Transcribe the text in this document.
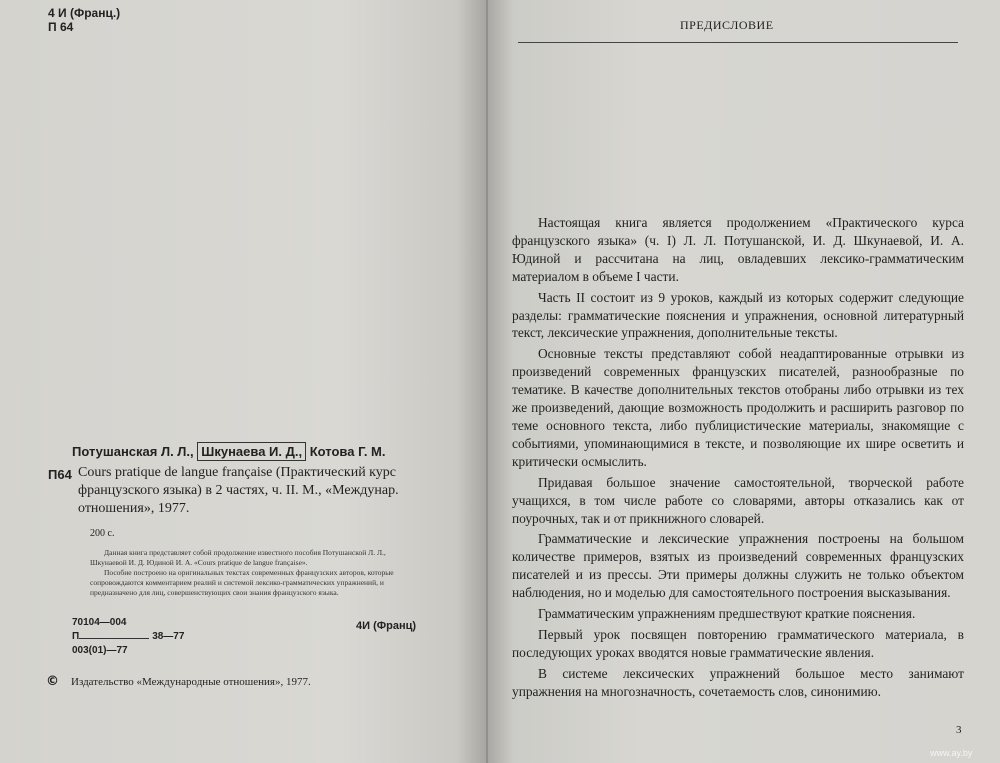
4 И (Франц.)
П 64
Потушанская Л. Л., Шкунаева И. Д., Котова Г. М.
П64 Cours pratique de langue française (Практический курс французского языка) в 2 частях, ч. II. М., «Междунар. отношения», 1977.
200 с.

Данная книга представляет собой продолжение известного пособия Потушанской Л. Л., Шкунаевой И. Д. Юдиной И. А. «Cours pratique de langue française».

Пособие построено на оригинальных текстах современных французских авторов, которые сопровождаются комментарием реалий и системой лексико-грамматических упражнений, и предназначено для лиц, совершенствующих свои знания французского языка.

70104—004
П	38—77
003(01)—77
4И (Франц)
© Издательство «Международные отношения», 1977.
ПРЕДИСЛОВИЕ

Настоящая книга является продолжением «Практического курса французского языка» (ч. I) Л. Л. Потушанской, И. Д. Шкунаевой, И. А. Юдиной и рассчитана на лиц, овладевших лексико-грамматическим материалом в объеме I части.

Часть II состоит из 9 уроков, каждый из которых содержит следующие разделы: грамматические пояснения и упражнения, основной литературный текст, лексические упражнения, дополнительные тексты.

Основные тексты представляют собой неадаптированные отрывки из произведений современных французских писателей, разнообразные по тематике. В качестве дополнительных текстов отобраны либо отрывки из тех же произведений, дающие возможность продолжить и расширить разговор по теме основного текста, либо публицистические материалы, знакомящие с событиями, упоминающимися в тексте, и позволяющие их шире осветить и критически осмыслить.

Придавая большое значение самостоятельной, творческой работе учащихся, в том числе работе со словарями, авторы отказались как от поурочных, так и от прикнижного словарей.

Грамматические и лексические упражнения построены на большом количестве примеров, взятых из произведений современных французских писателей и из прессы. Эти примеры должны служить не только объектом наблюдения, но и моделью для самостоятельного построения высказывания.

Грамматическим упражнениям предшествуют краткие пояснения.

Первый урок посвящен повторению грамматического материала, в последующих уроках вводятся новые грамматические явления.

В системе лексических упражнений большое место занимают упражнения на многозначность, сочетаемость слов, синонимию.

3
www.ay.by
